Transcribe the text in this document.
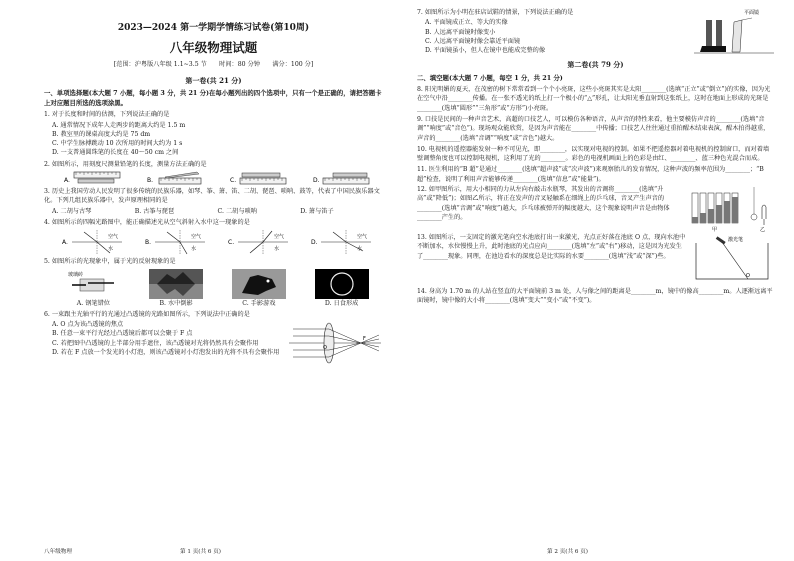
2023—2024 第一学期学情练习试卷(第10周)
八年级物理试题
[范围：沪粤版八年级 1.1~3.5 节　　时间：80 分钟　　满分：100 分]
第一卷(共 21 分)
一、单项选择题(本大题 7 小题，每小题 3 分，共 21 分)在每小题列出的四个选项中，只有一个是正确的，请把答题卡上对应题目所选的选项涂黑。
1. 对于长度和时间的估测，下列说法正确的是
A. 通常情况下成年人走两步的距离大约是 1.5 m
B. 教室里的课桌高度大约是 75 dm
C. 中学生脉搏跳动 10 次所用的时间大约为 1 s
D. 一支普通圆珠笔的长度在 40～50 cm 之间
2. 如图所示，用刻度尺测量铅笔的长度，测量方法正确的是
A.	B.	C.	D.
3. 历史上我国劳动人民发明了很多传统的民族乐器，如琴、筝、箫、笛、二胡、琵琶、唢呐、鼓等，代表了中国民族乐器文化。下列几组民族乐器中，发声原理相同的是
A. 二胡与古琴	B. 古筝与琵琶	C. 二胡与唢呐	D. 箫与笛子
4. 如图所示的四幅光路图中，能正确描述光从空气斜射入水中这一现象的是
A.
空气
水
B.
空气
水
C.
空气
水
D.
空气
水
5. 如图所示的光现象中，属于光的反射现象的是
玻璃砖
A. 钢笔错位	B. 水中倒影	C. 手影游戏	D. 日食形成
6. 一束跟主光轴平行的光通过凸透镜的光路如图所示，下列说法中正确的是
A. O 点为该凸透镜的焦点
B. 任意一束平行光经过凸透镜后都可以会聚于 F 点
C. 若把图中凸透镜的上半部分用手遮住，该凸透镜对光将仍然具有会聚作用
D. 若在 F 点放一个发光的小灯泡，则该凸透镜对小灯泡发出的光将不具有会聚作用
O
F
八年级物理	第 1 页(共 6 页)
7. 如图所示为小明在驻店试鞋的情景，下列说法正确的是
A. 平面镜成正立、等大的实像
B. 人远离平面镜时像变小
C. 人远离平面镜时像会靠近平面镜
D. 平面镜虽小，但人在镜中也能成完整的像
平面镜
第二卷(共 79 分)
二、填空题(本大题 7 小题，每空 1 分，共 21 分)
8. 阳光明媚的夏天，在茂密的树下常常看到一个个小亮斑，这些小亮斑其实是太阳________(选填“正立”或“倒立”)的实像，因为光在空气中沿________传播。在一张不透光的纸上打一个极小的“△”形孔，让太阳光垂直射到这张纸上，这时在地面上形成的光斑是________(选填“圆形”“三角形”或“方形”)小亮斑。
9. 口技是民间的一种声音艺术，高超的口技艺人，可以模仿各种语音，从声音的特性来看，他主要模仿声音的________(选填“音调”“响度”或“音色”)。现场观众能欣赏，是因为声音能在________中传播；口技艺人往往通过重拍醒木结束表演，醒木拍得越重，声音的________(选填“音调”“响度”或“音色”)越大。
10. 电视机的遥控器能发射一种不可见光，即________，以实现对电视的控制。如果不把遥控器对着电视机的控制窗口，而对着墙壁调整角度也可以控制电视机，这利用了光的________。彩色的电视机画面上的色彩是由红、________、蓝三种色光混合而成。
11. 医生利用的“B 超”是通过________(选填“超声波”或“次声波”)来观察胎儿的发育情况，这种声波的频率范围为________；“B 超”检查，说明了利用声音能够传递________(选填“信息”或“能量”)。
12. 如甲图所示，用大小相同的力从左向右敲击水瓶琴，其发出的音调将________(选填“升高”或“降低”)；如图乙所示，将正在发声的音叉轻触系在细绳上的乒乓球，音叉产生声音的________(选填“音调”或“响度”)越大，乒乓球被弹开的幅度越大，这个现象说明声音是由物体________产生的。
甲	乙
13. 如图所示，一支固定的激光笔向空水池底打出一束激光，光点正好落在池底 O 点，现向水池中不断加水，水位慢慢上升，此时池底的光点应向________(选填“左”或“右”)移动，这是因为光发生了________现象。同理，在池边看水的深度总是比实际的水要________(选填“浅”或“深”)些。
激光笔
O
14. 身高为 1.70 m 的人站在竖直的大平面镜前 3 m 处，人与像之间的距离是________m，镜中的像高________m。人逐渐远离平面镜时，镜中像的大小将________(选填“变大”“变小”或“不变”)。
第 2 页(共 6 页)
